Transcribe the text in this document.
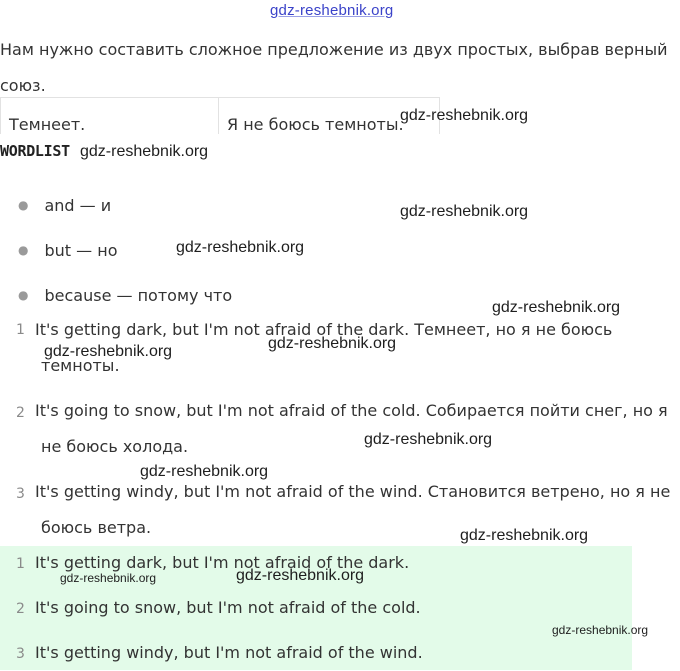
gdz-reshebnik.org
Нам нужно составить сложное предложение из двух простых, выбрав верный союз.
Темнеет.	Я не боюсь темноты.
WORDLIST
● and — и
● but — но
● because — потому что
1 It's getting dark, but I'm not afraid of the dark. Темнеет, но я не боюсь
темноты.
2 It's going to snow, but I'm not afraid of the cold. Собирается пойти снег, но я
не боюсь холода.
3 It's getting windy, but I'm not afraid of the wind. Становится ветрено, но я не
боюсь ветра.
1 It's getting dark, but I'm not afraid of the dark.
2 It's going to snow, but I'm not afraid of the cold.
3 It's getting windy, but I'm not afraid of the wind.
gdz-reshebnik.org
gdz-reshebnik.org
gdz-reshebnik.org
gdz-reshebnik.org
gdz-reshebnik.org
gdz-reshebnik.org	gdz-reshebnik.org
gdz-reshebnik.org
gdz-reshebnik.org
gdz-reshebnik.org
gdz-reshebnik.org	gdz-reshebnik.org
gdz-reshebnik.org
